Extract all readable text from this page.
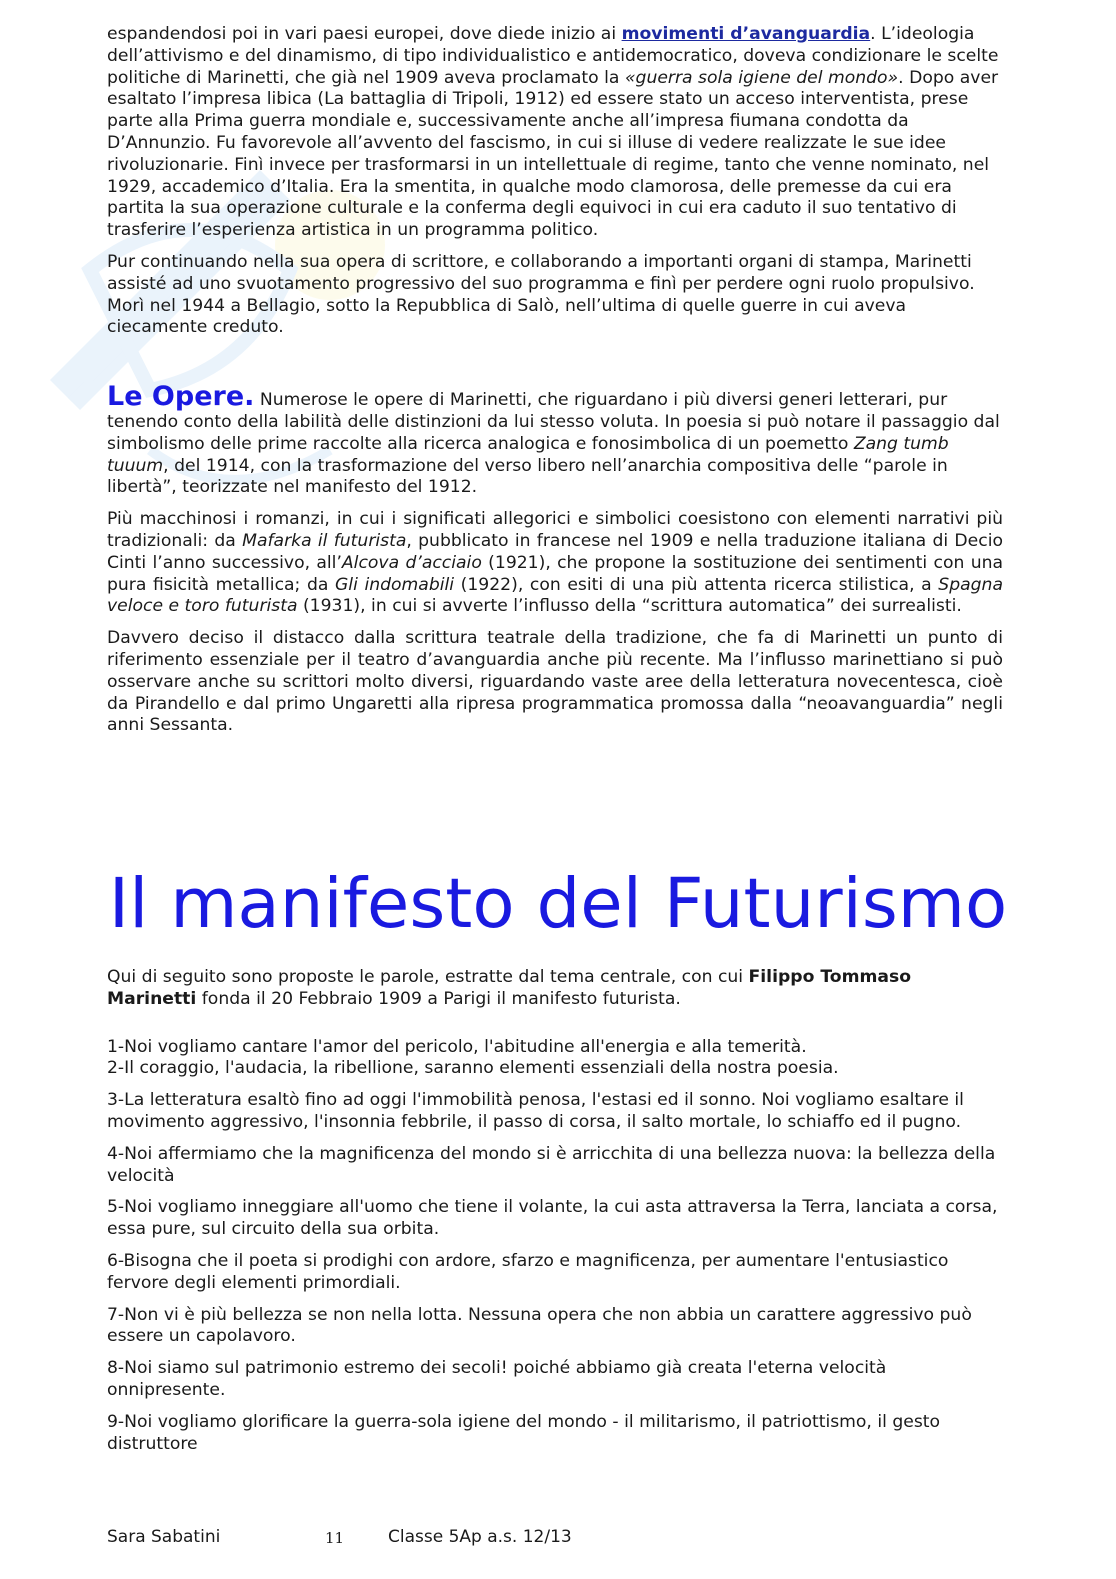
espandendosi poi in vari paesi europei, dove diede inizio ai movimenti d’avanguardia. L’ideologia dell’attivismo e del dinamismo, di tipo individualistico e antidemocratico, doveva condizionare le scelte politiche di Marinetti, che già nel 1909 aveva proclamato la «guerra sola igiene del mondo». Dopo aver esaltato l’impresa libica (La battaglia di Tripoli, 1912) ed essere stato un acceso interventista, prese parte alla Prima guerra mondiale e, successivamente anche all’impresa fiumana condotta da D’Annunzio. Fu favorevole all’avvento del fascismo, in cui si illuse di vedere realizzate le sue idee rivoluzionarie. Finì invece per trasformarsi in un intellettuale di regime, tanto che venne nominato, nel 1929, accademico d’Italia. Era la smentita, in qualche modo clamorosa, delle premesse da cui era partita la sua operazione culturale e la conferma degli equivoci in cui era caduto il suo tentativo di trasferire l’esperienza artistica in un programma politico.

Pur continuando nella sua opera di scrittore, e collaborando a importanti organi di stampa, Marinetti assisté ad uno svuotamento progressivo del suo programma e finì per perdere ogni ruolo propulsivo. Morì nel 1944 a Bellagio, sotto la Repubblica di Salò, nell’ultima di quelle guerre in cui aveva ciecamente creduto.

Le Opere. Numerose le opere di Marinetti, che riguardano i più diversi generi letterari, pur tenendo conto della labilità delle distinzioni da lui stesso voluta. In poesia si può notare il passaggio dal simbolismo delle prime raccolte alla ricerca analogica e fonosimbolica di un poemetto Zang tumb tuuum, del 1914, con la trasformazione del verso libero nell’anarchia compositiva delle “parole in libertà”, teorizzate nel manifesto del 1912.

Più macchinosi i romanzi, in cui i significati allegorici e simbolici coesistono con elementi narrativi più tradizionali: da Mafarka il futurista, pubblicato in francese nel 1909 e nella traduzione italiana di Decio Cinti l’anno successivo, all’Alcova d’acciaio (1921), che propone la sostituzione dei sentimenti con una pura fisicità metallica; da Gli indomabili (1922), con esiti di una più attenta ricerca stilistica, a Spagna veloce e toro futurista (1931), in cui si avverte l’influsso della “scrittura automatica” dei surrealisti.

Davvero deciso il distacco dalla scrittura teatrale della tradizione, che fa di Marinetti un punto di riferimento essenziale per il teatro d’avanguardia anche più recente. Ma l’influsso marinettiano si può osservare anche su scrittori molto diversi, riguardando vaste aree della letteratura novecentesca, cioè da Pirandello e dal primo Ungaretti alla ripresa programmatica promossa dalla “neoavanguardia” negli anni Sessanta.

Il manifesto del Futurismo

Qui di seguito sono proposte le parole, estratte dal tema centrale, con cui Filippo Tommaso Marinetti fonda il 20 Febbraio 1909 a Parigi il manifesto futurista.

1-Noi vogliamo cantare l'amor del pericolo, l'abitudine all'energia e alla temerità.

2-Il coraggio, l'audacia, la ribellione, saranno elementi essenziali della nostra poesia.

3-La letteratura esaltò fino ad oggi l'immobilità penosa, l'estasi ed il sonno. Noi vogliamo esaltare il movimento aggressivo, l'insonnia febbrile, il passo di corsa, il salto mortale, lo schiaffo ed il pugno.

4-Noi affermiamo che la magnificenza del mondo si è arricchita di una bellezza nuova: la bellezza della velocità

5-Noi vogliamo inneggiare all'uomo che tiene il volante, la cui asta attraversa la Terra, lanciata a corsa, essa pure, sul circuito della sua orbita.

6-Bisogna che il poeta si prodighi con ardore, sfarzo e magnificenza, per aumentare l'entusiastico fervore degli elementi primordiali.

7-Non vi è più bellezza se non nella lotta. Nessuna opera che non abbia un carattere aggressivo può essere un capolavoro.

8-Noi siamo sul patrimonio estremo dei secoli! poiché abbiamo già creata l'eterna velocità onnipresente.

9-Noi vogliamo glorificare la guerra-sola igiene del mondo - il militarismo, il patriottismo, il gesto distruttore

Sara Sabatini	11	Classe 5Ap a.s. 12/13
